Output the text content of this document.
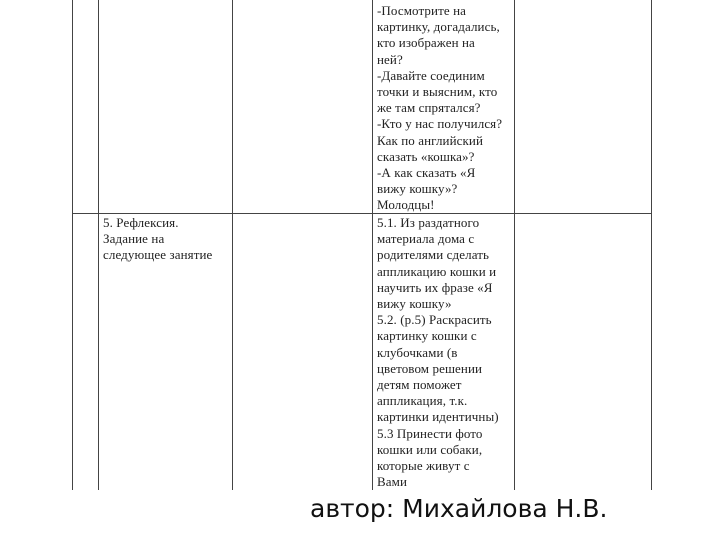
-Посмотрите на
картинку, догадались,
кто изображен на
ней?
-Давайте соединим
точки и выясним, кто
же там спрятался?
-Кто у нас получился?
Как по английский
сказать «кошка»?
-А как сказать «Я
вижу кошку»?
Молодцы!
5. Рефлексия.
Задание на
следующее занятие
5.1. Из раздатного
материала дома с
родителями сделать
аппликацию кошки и
научить их фразе «Я
вижу кошку»
5.2. (р.5) Раскрасить
картинку кошки с
клубочками (в
цветовом решении
детям поможет
аппликация, т.к.
картинки идентичны)
5.3 Принести фото
кошки или собаки,
которые живут с
Вами
автор: Михайлова Н.В.
